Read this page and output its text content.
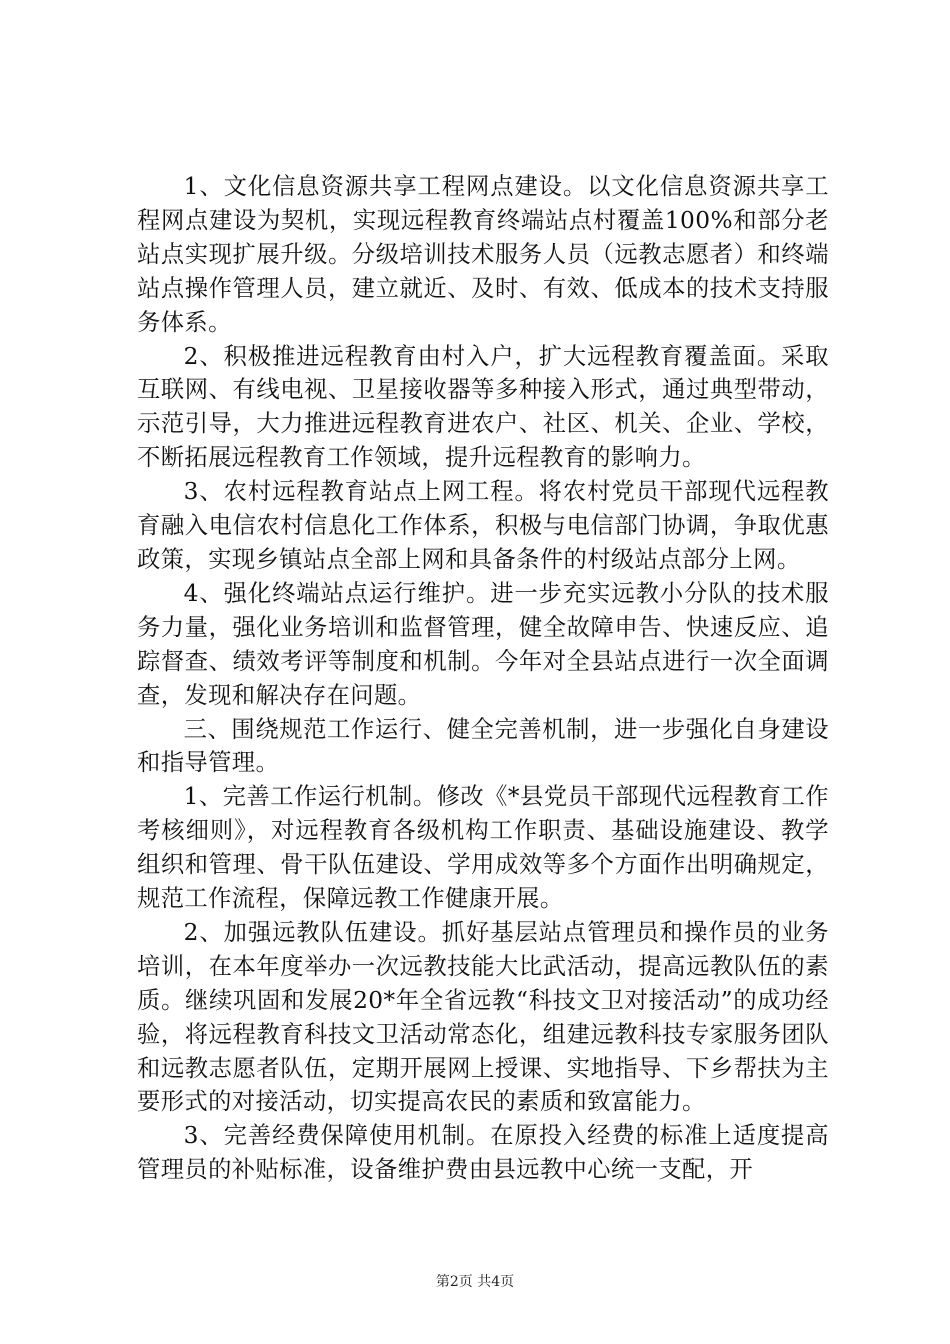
1、文化信息资源共享工程网点建设。以文化信息资源共享工程网点建设为契机，实现远程教育终端站点村覆盖100%和部分老站点实现扩展升级。分级培训技术服务人员（远教志愿者）和终端站点操作管理人员，建立就近、及时、有效、低成本的技术支持服务体系。

2、积极推进远程教育由村入户，扩大远程教育覆盖面。采取互联网、有线电视、卫星接收器等多种接入形式，通过典型带动，示范引导，大力推进远程教育进农户、社区、机关、企业、学校，不断拓展远程教育工作领域，提升远程教育的影响力。

3、农村远程教育站点上网工程。将农村党员干部现代远程教育融入电信农村信息化工作体系，积极与电信部门协调，争取优惠政策，实现乡镇站点全部上网和具备条件的村级站点部分上网。

4、强化终端站点运行维护。进一步充实远教小分队的技术服务力量，强化业务培训和监督管理，健全故障申告、快速反应、追踪督查、绩效考评等制度和机制。今年对全县站点进行一次全面调查，发现和解决存在问题。

三、围绕规范工作运行、健全完善机制，进一步强化自身建设和指导管理。

1、完善工作运行机制。修改《*县党员干部现代远程教育工作考核细则》，对远程教育各级机构工作职责、基础设施建设、教学组织和管理、骨干队伍建设、学用成效等多个方面作出明确规定，规范工作流程，保障远教工作健康开展。

2、加强远教队伍建设。抓好基层站点管理员和操作员的业务培训，在本年度举办一次远教技能大比武活动，提高远教队伍的素质。继续巩固和发展20*年全省远教“科技文卫对接活动”的成功经验，将远程教育科技文卫活动常态化，组建远教科技专家服务团队和远教志愿者队伍，定期开展网上授课、实地指导、下乡帮扶为主要形式的对接活动，切实提高农民的素质和致富能力。

3、完善经费保障使用机制。在原投入经费的标准上适度提高管理员的补贴标准，设备维护费由县远教中心统一支配，开

第2页 共4页
